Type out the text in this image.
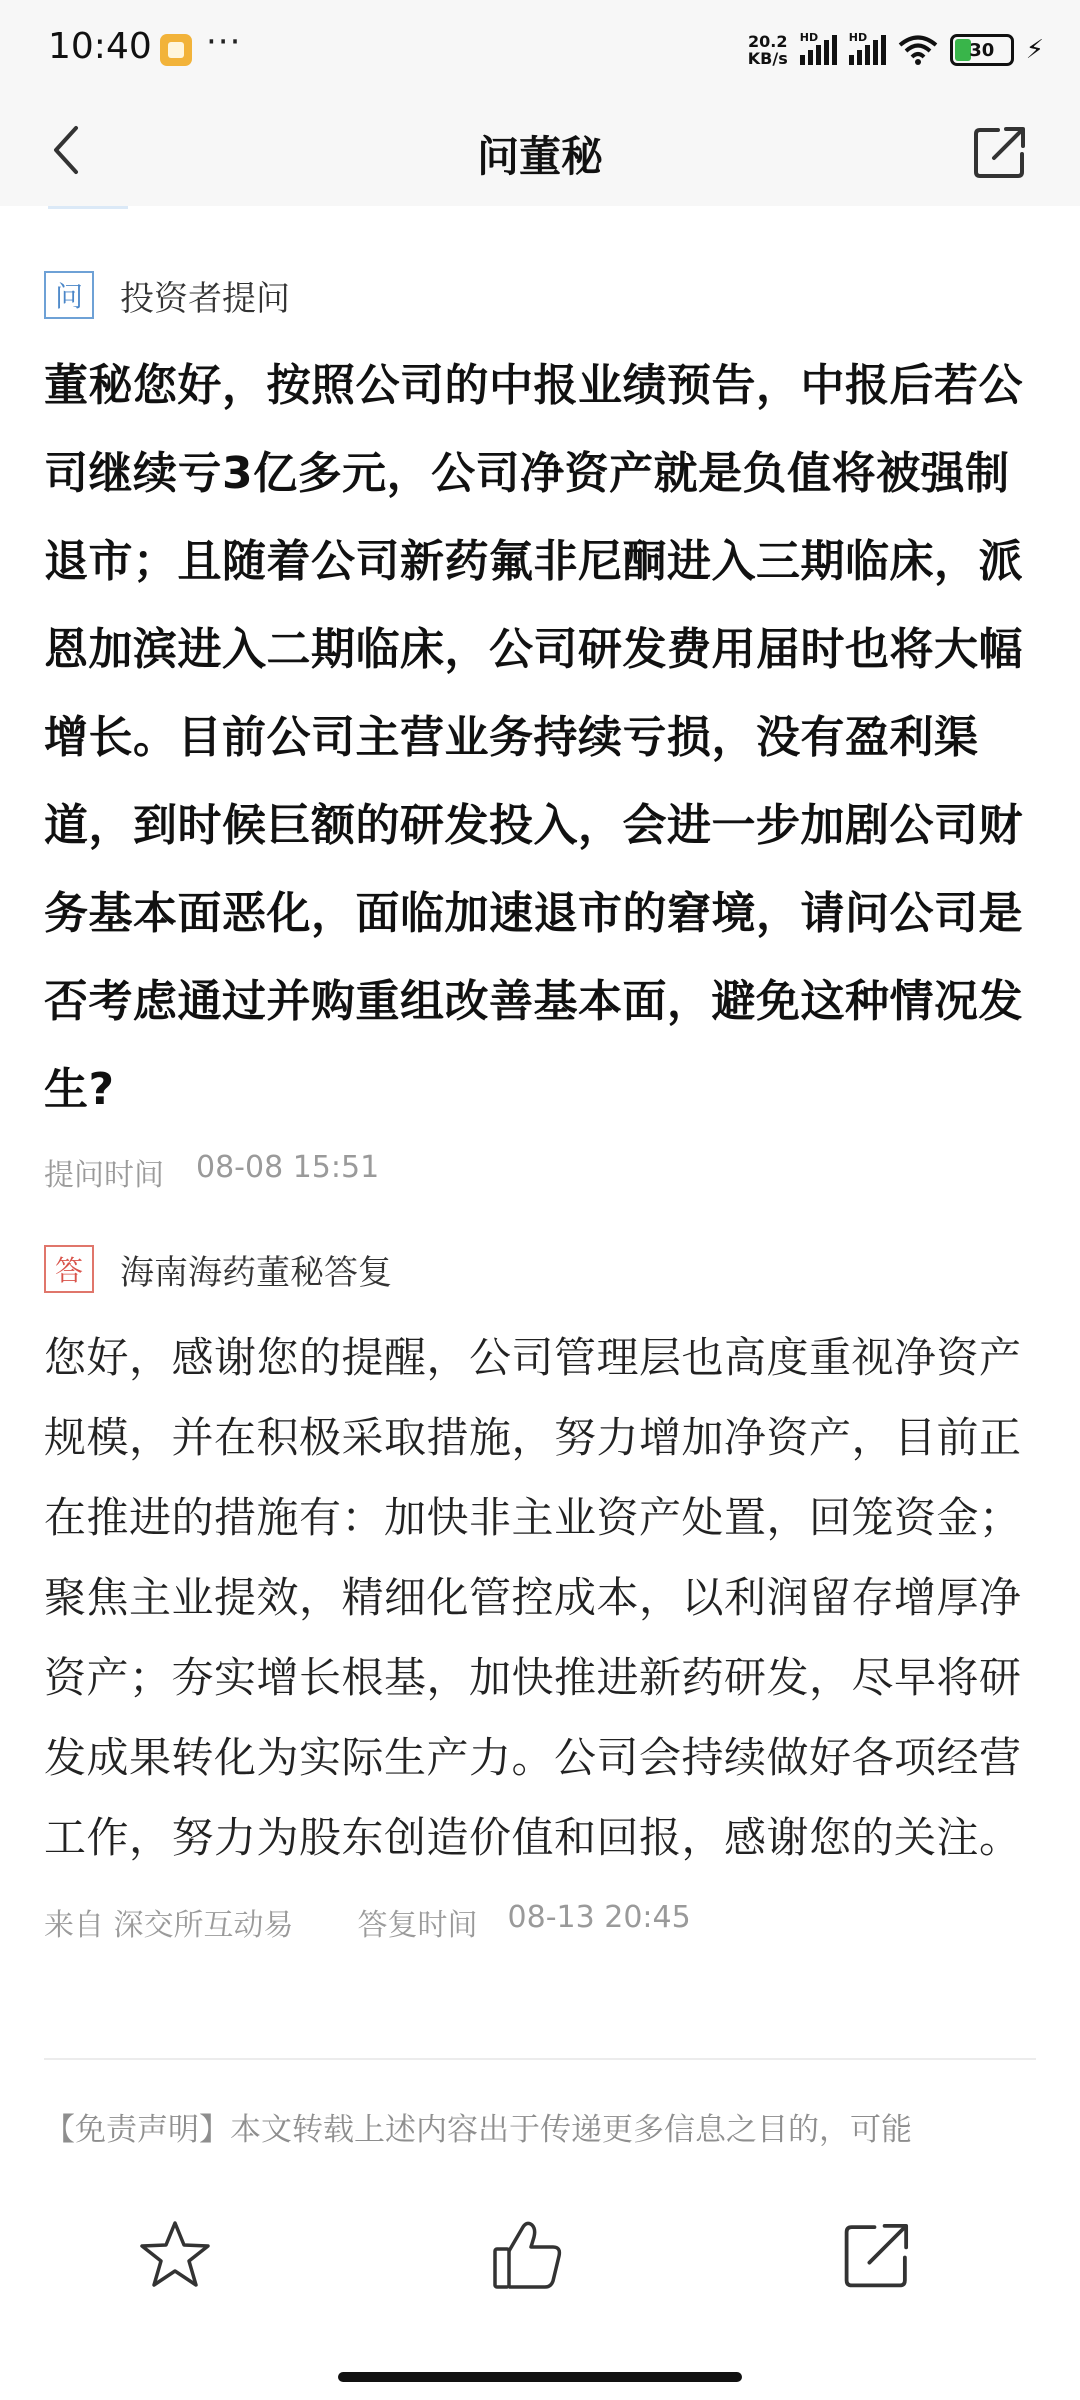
10:40 ···	20.2
KB/s
HD	HD
30 ⚡
问董秘
问	投资者提问
董秘您好，按照公司的中报业绩预告，中报后若公司继续亏3亿多元，公司净资产就是负值将被强制退市；且随着公司新药氟非尼酮进入三期临床，派恩加滨进入二期临床，公司研发费用届时也将大幅增长。目前公司主营业务持续亏损，没有盈利渠道，到时候巨额的研发投入，会进一步加剧公司财务基本面恶化，面临加速退市的窘境，请问公司是否考虑通过并购重组改善基本面，避免这种情况发生?
提问时间 08-08 15:51
答	海南海药董秘答复
您好，感谢您的提醒，公司管理层也高度重视净资产规模，并在积极采取措施，努力增加净资产，目前正在推进的措施有：加快非主业资产处置，回笼资金；聚焦主业提效，精细化管控成本，以利润留存增厚净资产；夯实增长根基，加快推进新药研发，尽早将研发成果转化为实际生产力。公司会持续做好各项经营工作，努力为股东创造价值和回报，感谢您的关注。
来自 深交所互动易 答复时间 08-13 20:45
【免责声明】本文转载上述内容出于传递更多信息之目的，可能
